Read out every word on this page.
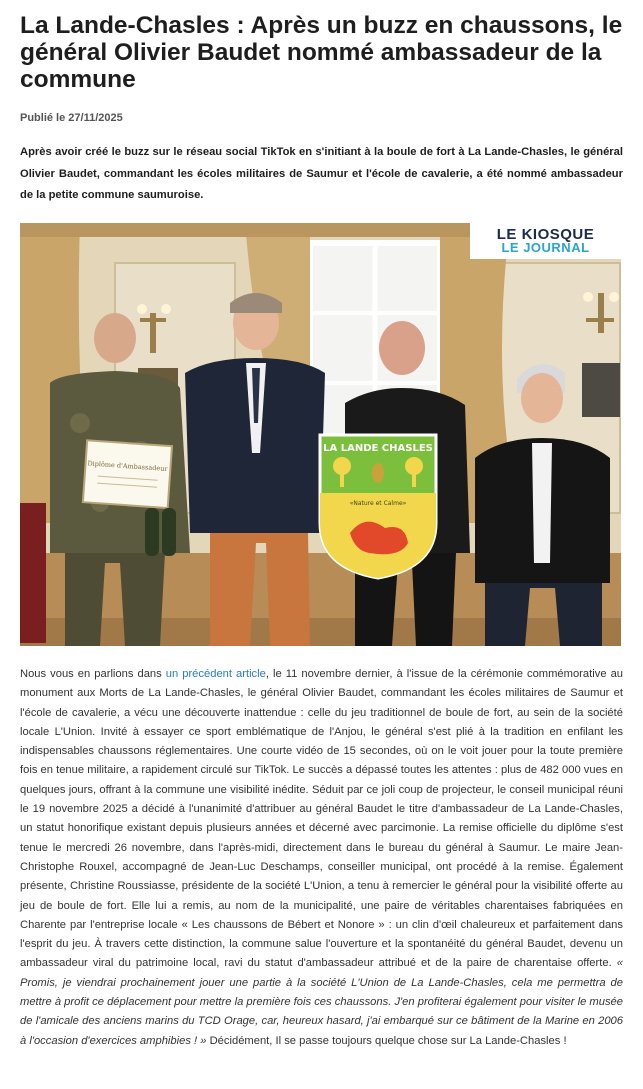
La Lande-Chasles : Après un buzz en chaussons, le général Olivier Baudet nommé ambassadeur de la commune
Publié le 27/11/2025

Après avoir créé le buzz sur le réseau social TikTok en s'initiant à la boule de fort à La Lande-Chasles, le général Olivier Baudet, commandant les écoles militaires de Saumur et l'école de cavalerie, a été nommé ambassadeur de la petite commune saumuroise.

Diplôme d'Ambassadeur
LA LANDE CHASLES
«Nature et Calme»
LE KIOSQUE
LE JOURNAL

Nous vous en parlions dans un précédent article, le 11 novembre dernier, à l'issue de la cérémonie commémorative au monument aux Morts de La Lande-Chasles, le général Olivier Baudet, commandant les écoles militaires de Saumur et l'école de cavalerie, a vécu une découverte inattendue : celle du jeu traditionnel de boule de fort, au sein de la société locale L'Union. Invité à essayer ce sport emblématique de l'Anjou, le général s'est plié à la tradition en enfilant les indispensables chaussons réglementaires. Une courte vidéo de 15 secondes, où on le voit jouer pour la toute première fois en tenue militaire, a rapidement circulé sur TikTok. Le succès a dépassé toutes les attentes : plus de 482 000 vues en quelques jours, offrant à la commune une visibilité inédite. Séduit par ce joli coup de projecteur, le conseil municipal réuni le 19 novembre 2025 a décidé à l'unanimité d'attribuer au général Baudet le titre d'ambassadeur de La Lande-Chasles, un statut honorifique existant depuis plusieurs années et décerné avec parcimonie. La remise officielle du diplôme s'est tenue le mercredi 26 novembre, dans l'après-midi, directement dans le bureau du général à Saumur. Le maire Jean-Christophe Rouxel, accompagné de Jean-Luc Deschamps, conseiller municipal, ont procédé à la remise. Également présente, Christine Roussiasse, présidente de la société L'Union, a tenu à remercier le général pour la visibilité offerte au jeu de boule de fort. Elle lui a remis, au nom de la municipalité, une paire de véritables charentaises fabriquées en Charente par l'entreprise locale « Les chaussons de Bébert et Nonore » : un clin d'œil chaleureux et parfaitement dans l'esprit du jeu. À travers cette distinction, la commune salue l'ouverture et la spontanéité du général Baudet, devenu un ambassadeur viral du patrimoine local, ravi du statut d'ambassadeur attribué et de la paire de charentaise offerte. « Promis, je viendrai prochainement jouer une partie à la société L'Union de La Lande-Chasles, cela me permettra de mettre à profit ce déplacement pour mettre la première fois ces chaussons. J'en profiterai également pour visiter le musée de l'amicale des anciens marins du TCD Orage, car, heureux hasard, j'ai embarqué sur ce bâtiment de la Marine en 2006 à l'occasion d'exercices amphibies ! » Décidément, Il se passe toujours quelque chose sur La Lande-Chasles !
